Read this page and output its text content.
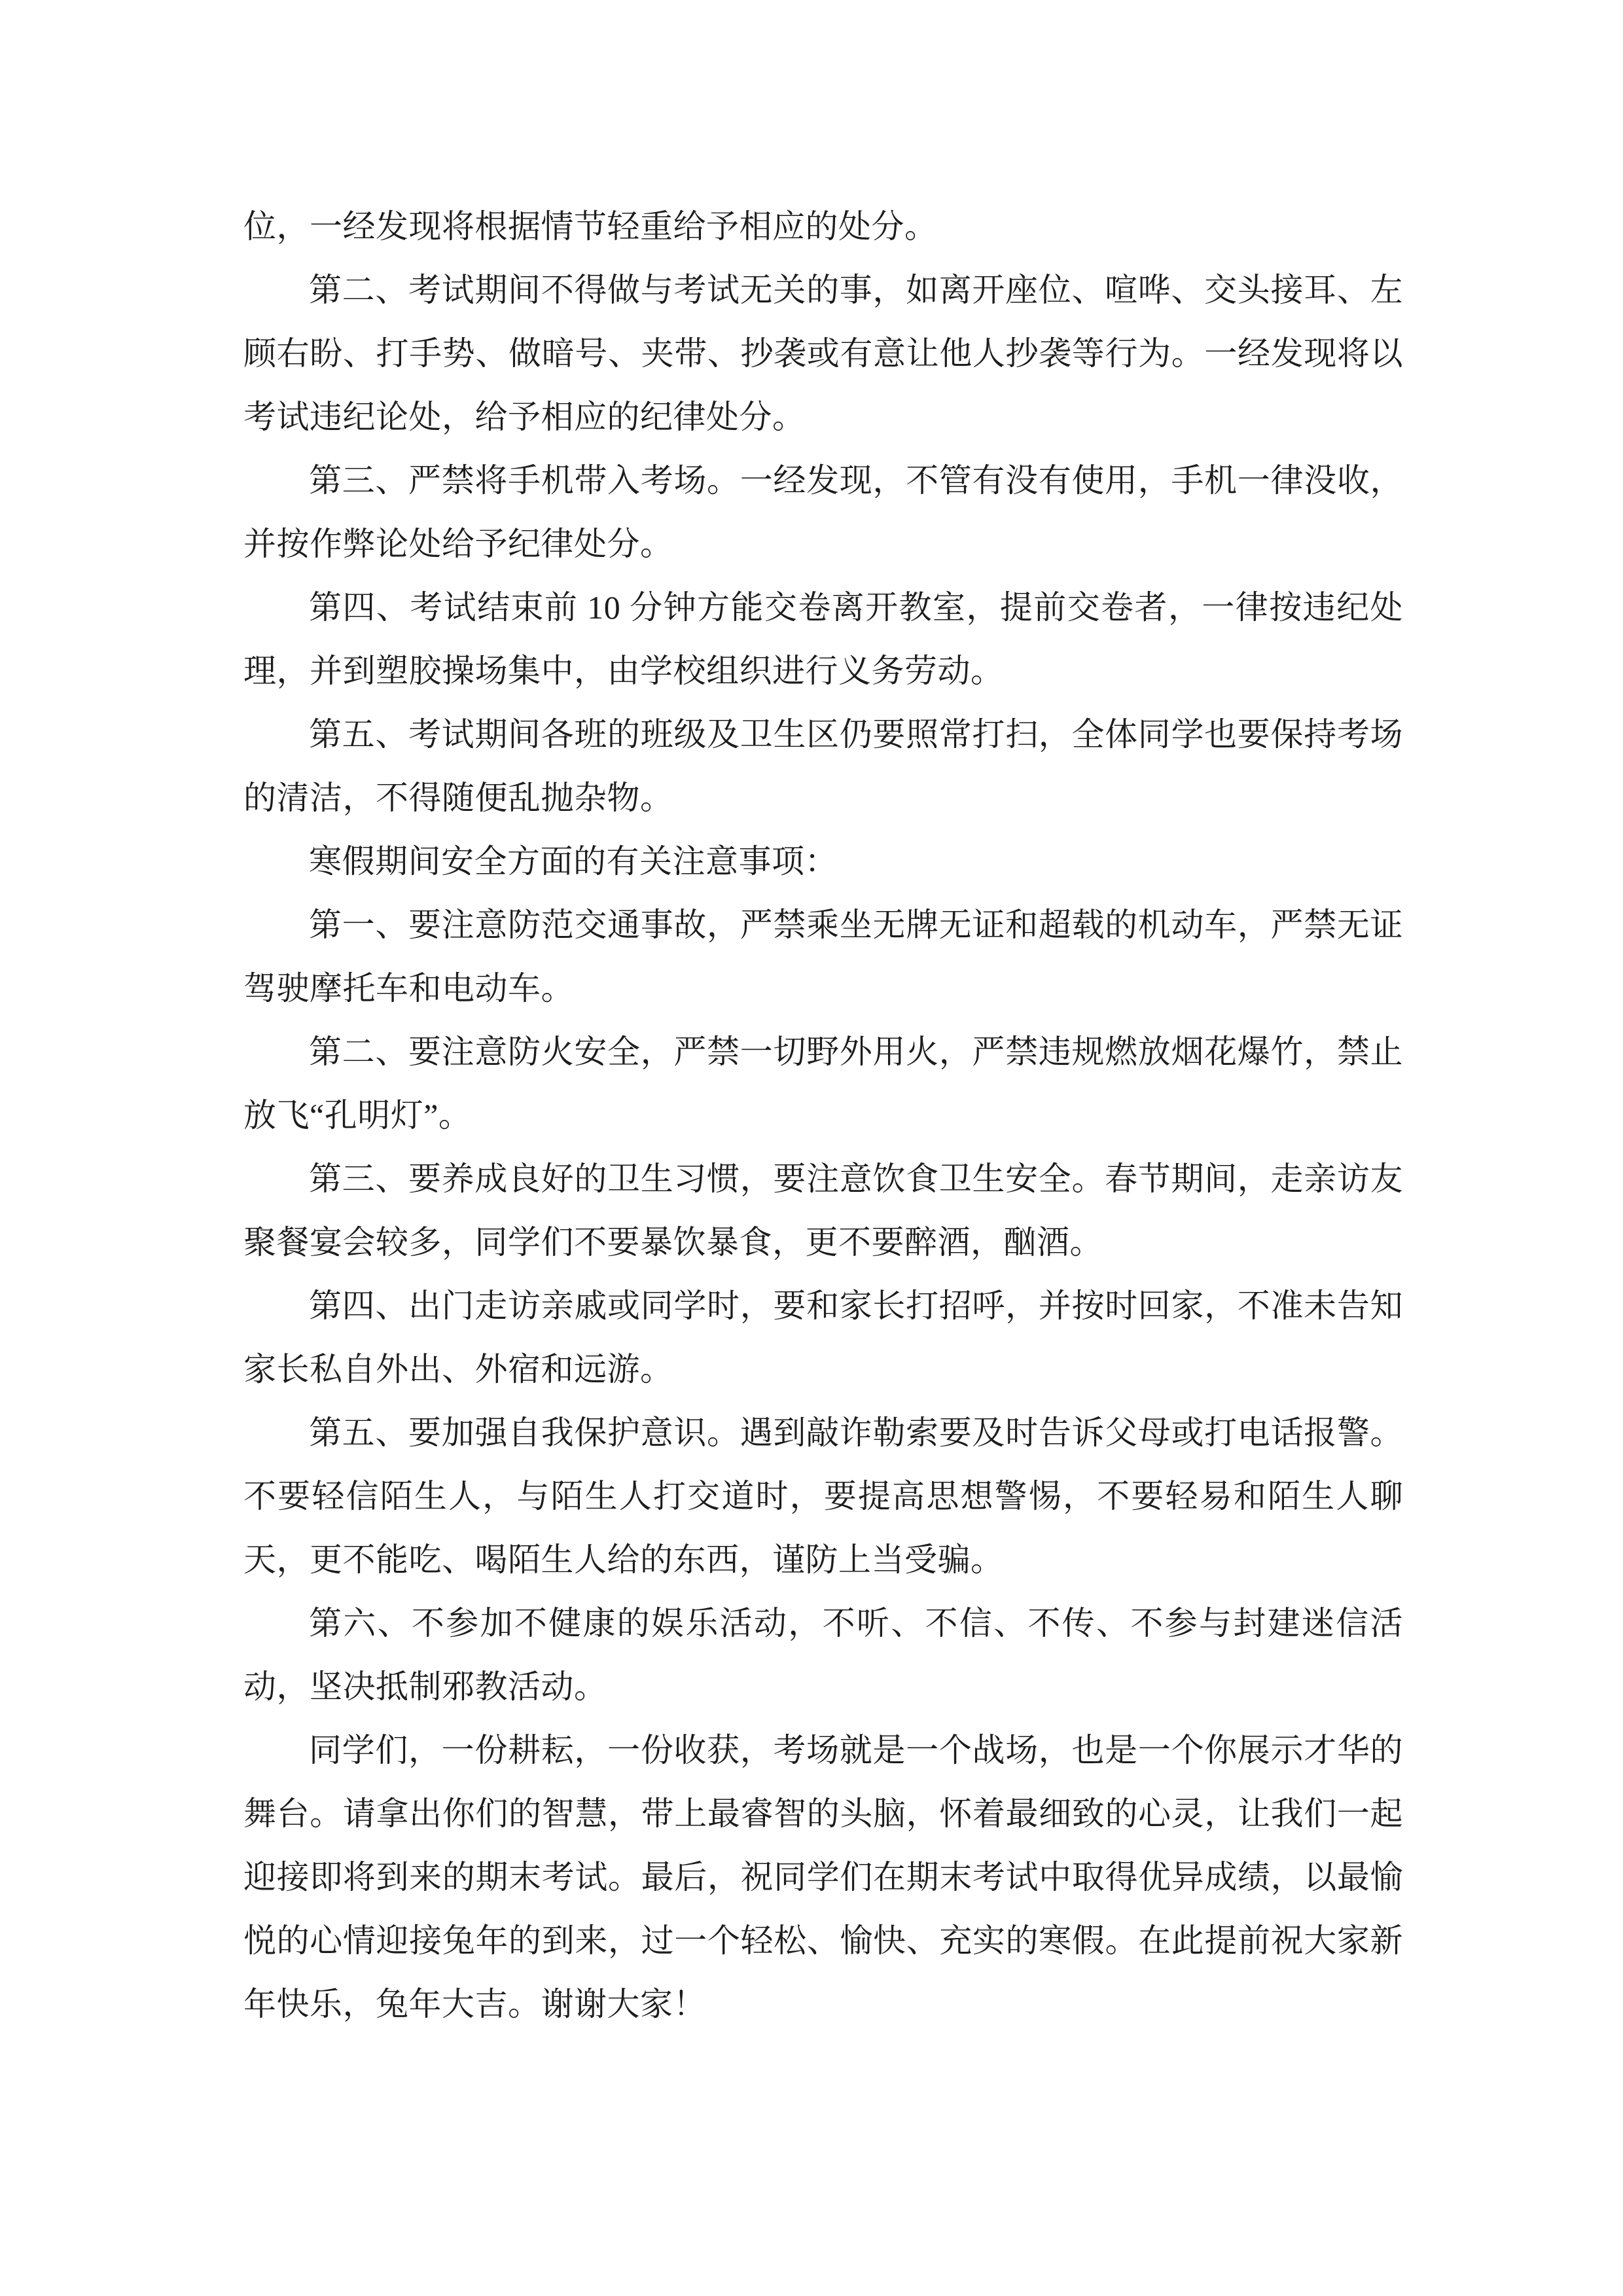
位，一经发现将根据情节轻重给予相应的处分。

第二、考试期间不得做与考试无关的事，如离开座位、喧哗、交头接耳、左顾右盼、打手势、做暗号、夹带、抄袭或有意让他人抄袭等行为。一经发现将以考试违纪论处，给予相应的纪律处分。

第三、严禁将手机带入考场。一经发现，不管有没有使用，手机一律没收，并按作弊论处给予纪律处分。

第四、考试结束前 10 分钟方能交卷离开教室，提前交卷者，一律按违纪处理，并到塑胶操场集中，由学校组织进行义务劳动。

第五、考试期间各班的班级及卫生区仍要照常打扫，全体同学也要保持考场的清洁，不得随便乱抛杂物。

寒假期间安全方面的有关注意事项：

第一、要注意防范交通事故，严禁乘坐无牌无证和超载的机动车，严禁无证驾驶摩托车和电动车。

第二、要注意防火安全，严禁一切野外用火，严禁违规燃放烟花爆竹，禁止放飞“孔明灯”。

第三、要养成良好的卫生习惯，要注意饮食卫生安全。春节期间，走亲访友聚餐宴会较多，同学们不要暴饮暴食，更不要醉酒，酗酒。

第四、出门走访亲戚或同学时，要和家长打招呼，并按时回家，不准未告知家长私自外出、外宿和远游。

第五、要加强自我保护意识。遇到敲诈勒索要及时告诉父母或打电话报警。不要轻信陌生人，与陌生人打交道时，要提高思想警惕，不要轻易和陌生人聊天，更不能吃、喝陌生人给的东西，谨防上当受骗。

第六、不参加不健康的娱乐活动，不听、不信、不传、不参与封建迷信活动，坚决抵制邪教活动。

同学们，一份耕耘，一份收获，考场就是一个战场，也是一个你展示才华的舞台。请拿出你们的智慧，带上最睿智的头脑，怀着最细致的心灵，让我们一起迎接即将到来的期末考试。最后，祝同学们在期末考试中取得优异成绩，以最愉悦的心情迎接兔年的到来，过一个轻松、愉快、充实的寒假。在此提前祝大家新年快乐，兔年大吉。谢谢大家！
